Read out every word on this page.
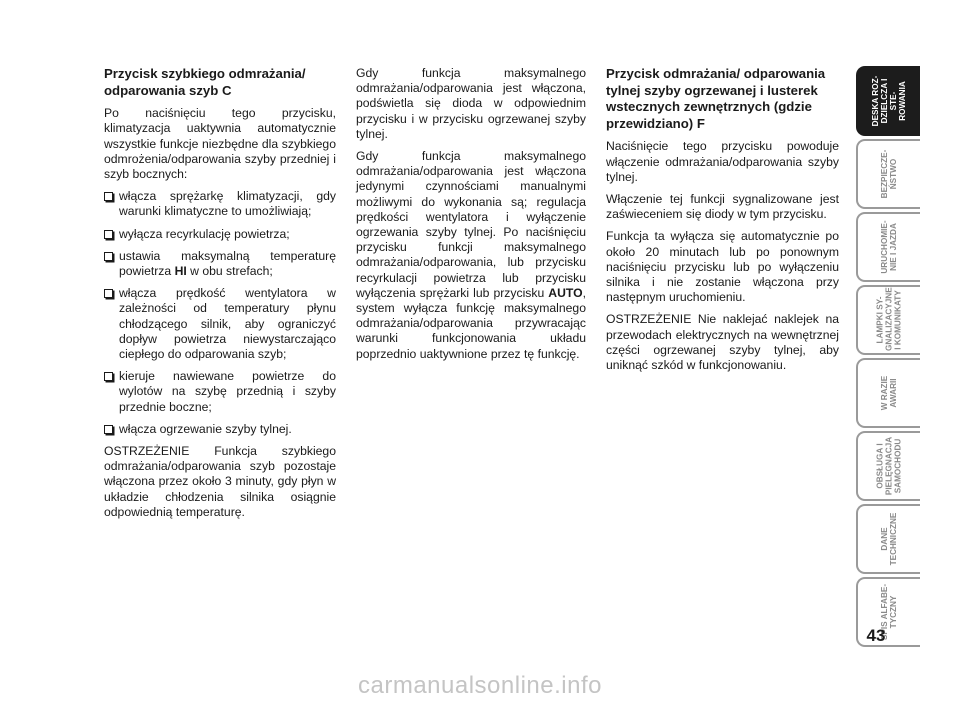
Przycisk szybkiego odmrażania/ odparowania szyb C
Po naciśnięciu tego przycisku, klimatyzacja uaktywnia automatycznie wszystkie funkcje niezbędne dla szybkiego odmrożenia/odparowania szyby przedniej i szyb bocznych:
włącza sprężarkę klimatyzacji, gdy warunki klimatyczne to umożliwiają;
wyłącza recyrkulację powietrza;
ustawia maksymalną temperaturę powietrza HI w obu strefach;
włącza prędkość wentylatora w zależności od temperatury płynu chłodzącego silnik, aby ograniczyć dopływ powietrza niewystarczająco ciepłego do odparowania szyb;
kieruje nawiewane powietrze do wylotów na szybę przednią i szyby przednie boczne;
włącza ogrzewanie szyby tylnej.
OSTRZEŻENIE Funkcja szybkiego odmrażania/odparowania szyb pozostaje włączona przez około 3 minuty, gdy płyn w układzie chłodzenia silnika osiągnie odpowiednią temperaturę.
Gdy funkcja maksymalnego odmrażania/odparowania jest włączona, podświetla się dioda w odpowiednim przycisku i w przycisku ogrzewanej szyby tylnej.
Gdy funkcja maksymalnego odmrażania/odparowania jest włączona jedynymi czynnościami manualnymi możliwymi do wykonania są; regulacja prędkości wentylatora i wyłączenie ogrzewania szyby tylnej. Po naciśnięciu przycisku funkcji maksymalnego odmrażania/odparowania, lub przycisku recyrkulacji powietrza lub przycisku wyłączenia sprężarki lub przycisku AUTO, system wyłącza funkcję maksymalnego odmrażania/odparowania przywracając warunki funkcjonowania układu poprzednio uaktywnione przez tę funkcję.
Przycisk odmrażania/ odparowania tylnej szyby ogrzewanej i lusterek wstecznych zewnętrznych (gdzie przewidziano) F
Naciśnięcie tego przycisku powoduje włączenie odmrażania/odparowania szyby tylnej.
Włączenie tej funkcji sygnalizowane jest zaświeceniem się diody w tym przycisku.
Funkcja ta wyłącza się automatycznie po około 20 minutach lub po ponownym naciśnięciu przycisku lub po wyłączeniu silnika i nie zostanie włączona przy następnym uruchomieniu.
OSTRZEŻENIE Nie naklejać naklejek na przewodach elektrycznych na wewnętrznej części ogrzewanej szyby tylnej, aby uniknąć szkód w funkcjonowaniu.
DESKA ROZ-
DZIELCZA I STE-
ROWANIA
BEZPIECZE-
ŃSTWO
URUCHOMIE-
NIE I JAZDA
LAMPKI SY-
GNALIZACYJNE
I KOMUNIKATY
W RAZIE
AWARII
OBSŁUGA I
PIELĘGNACJA
SAMOCHODU
DANE
TECHNICZNE
SPIS ALFABE-
TYCZNY
43
carmanualsonline.info
